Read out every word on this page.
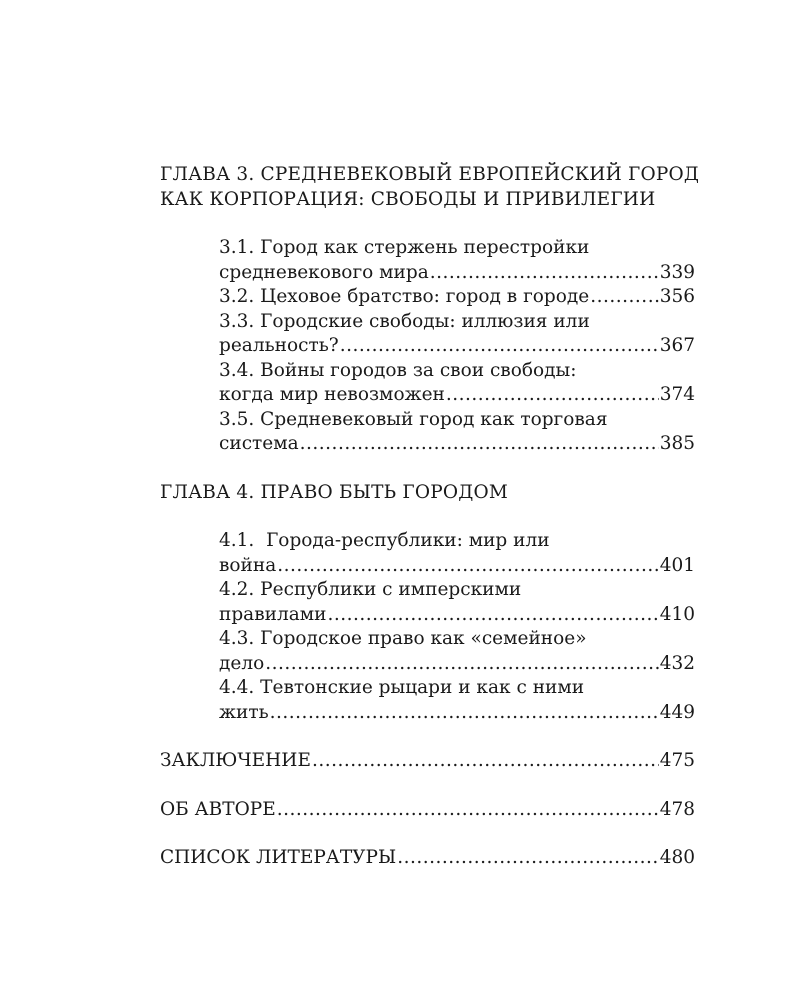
ГЛАВА 3. СРЕДНЕВЕКОВЫЙ ЕВРОПЕЙСКИЙ ГОРОД
КАК КОРПОРАЦИЯ: СВОБОДЫ И ПРИВИЛЕГИИ
3.1. Город как стержень перестройки
средневекового мира .....	339
3.2. Цеховое братство: город в городе .....	356
3.3. Городские свободы: иллюзия или
реальность? .....	367
3.4. Войны городов за свои свободы:
когда мир невозможен .....	374
3.5. Средневековый город как торговая
система .....	385
ГЛАВА 4. ПРАВО БЫТЬ ГОРОДОМ
4.1.  Города-республики: мир или
война .....	401
4.2. Республики с имперскими
правилами .....	410
4.3. Городское право как «семейное»
дело .....	432
4.4. Тевтонские рыцари и как с ними
жить .....	449
ЗАКЛЮЧЕНИЕ .....	475
ОБ АВТОРЕ .....	478
СПИСОК ЛИТЕРАТУРЫ .....	480
